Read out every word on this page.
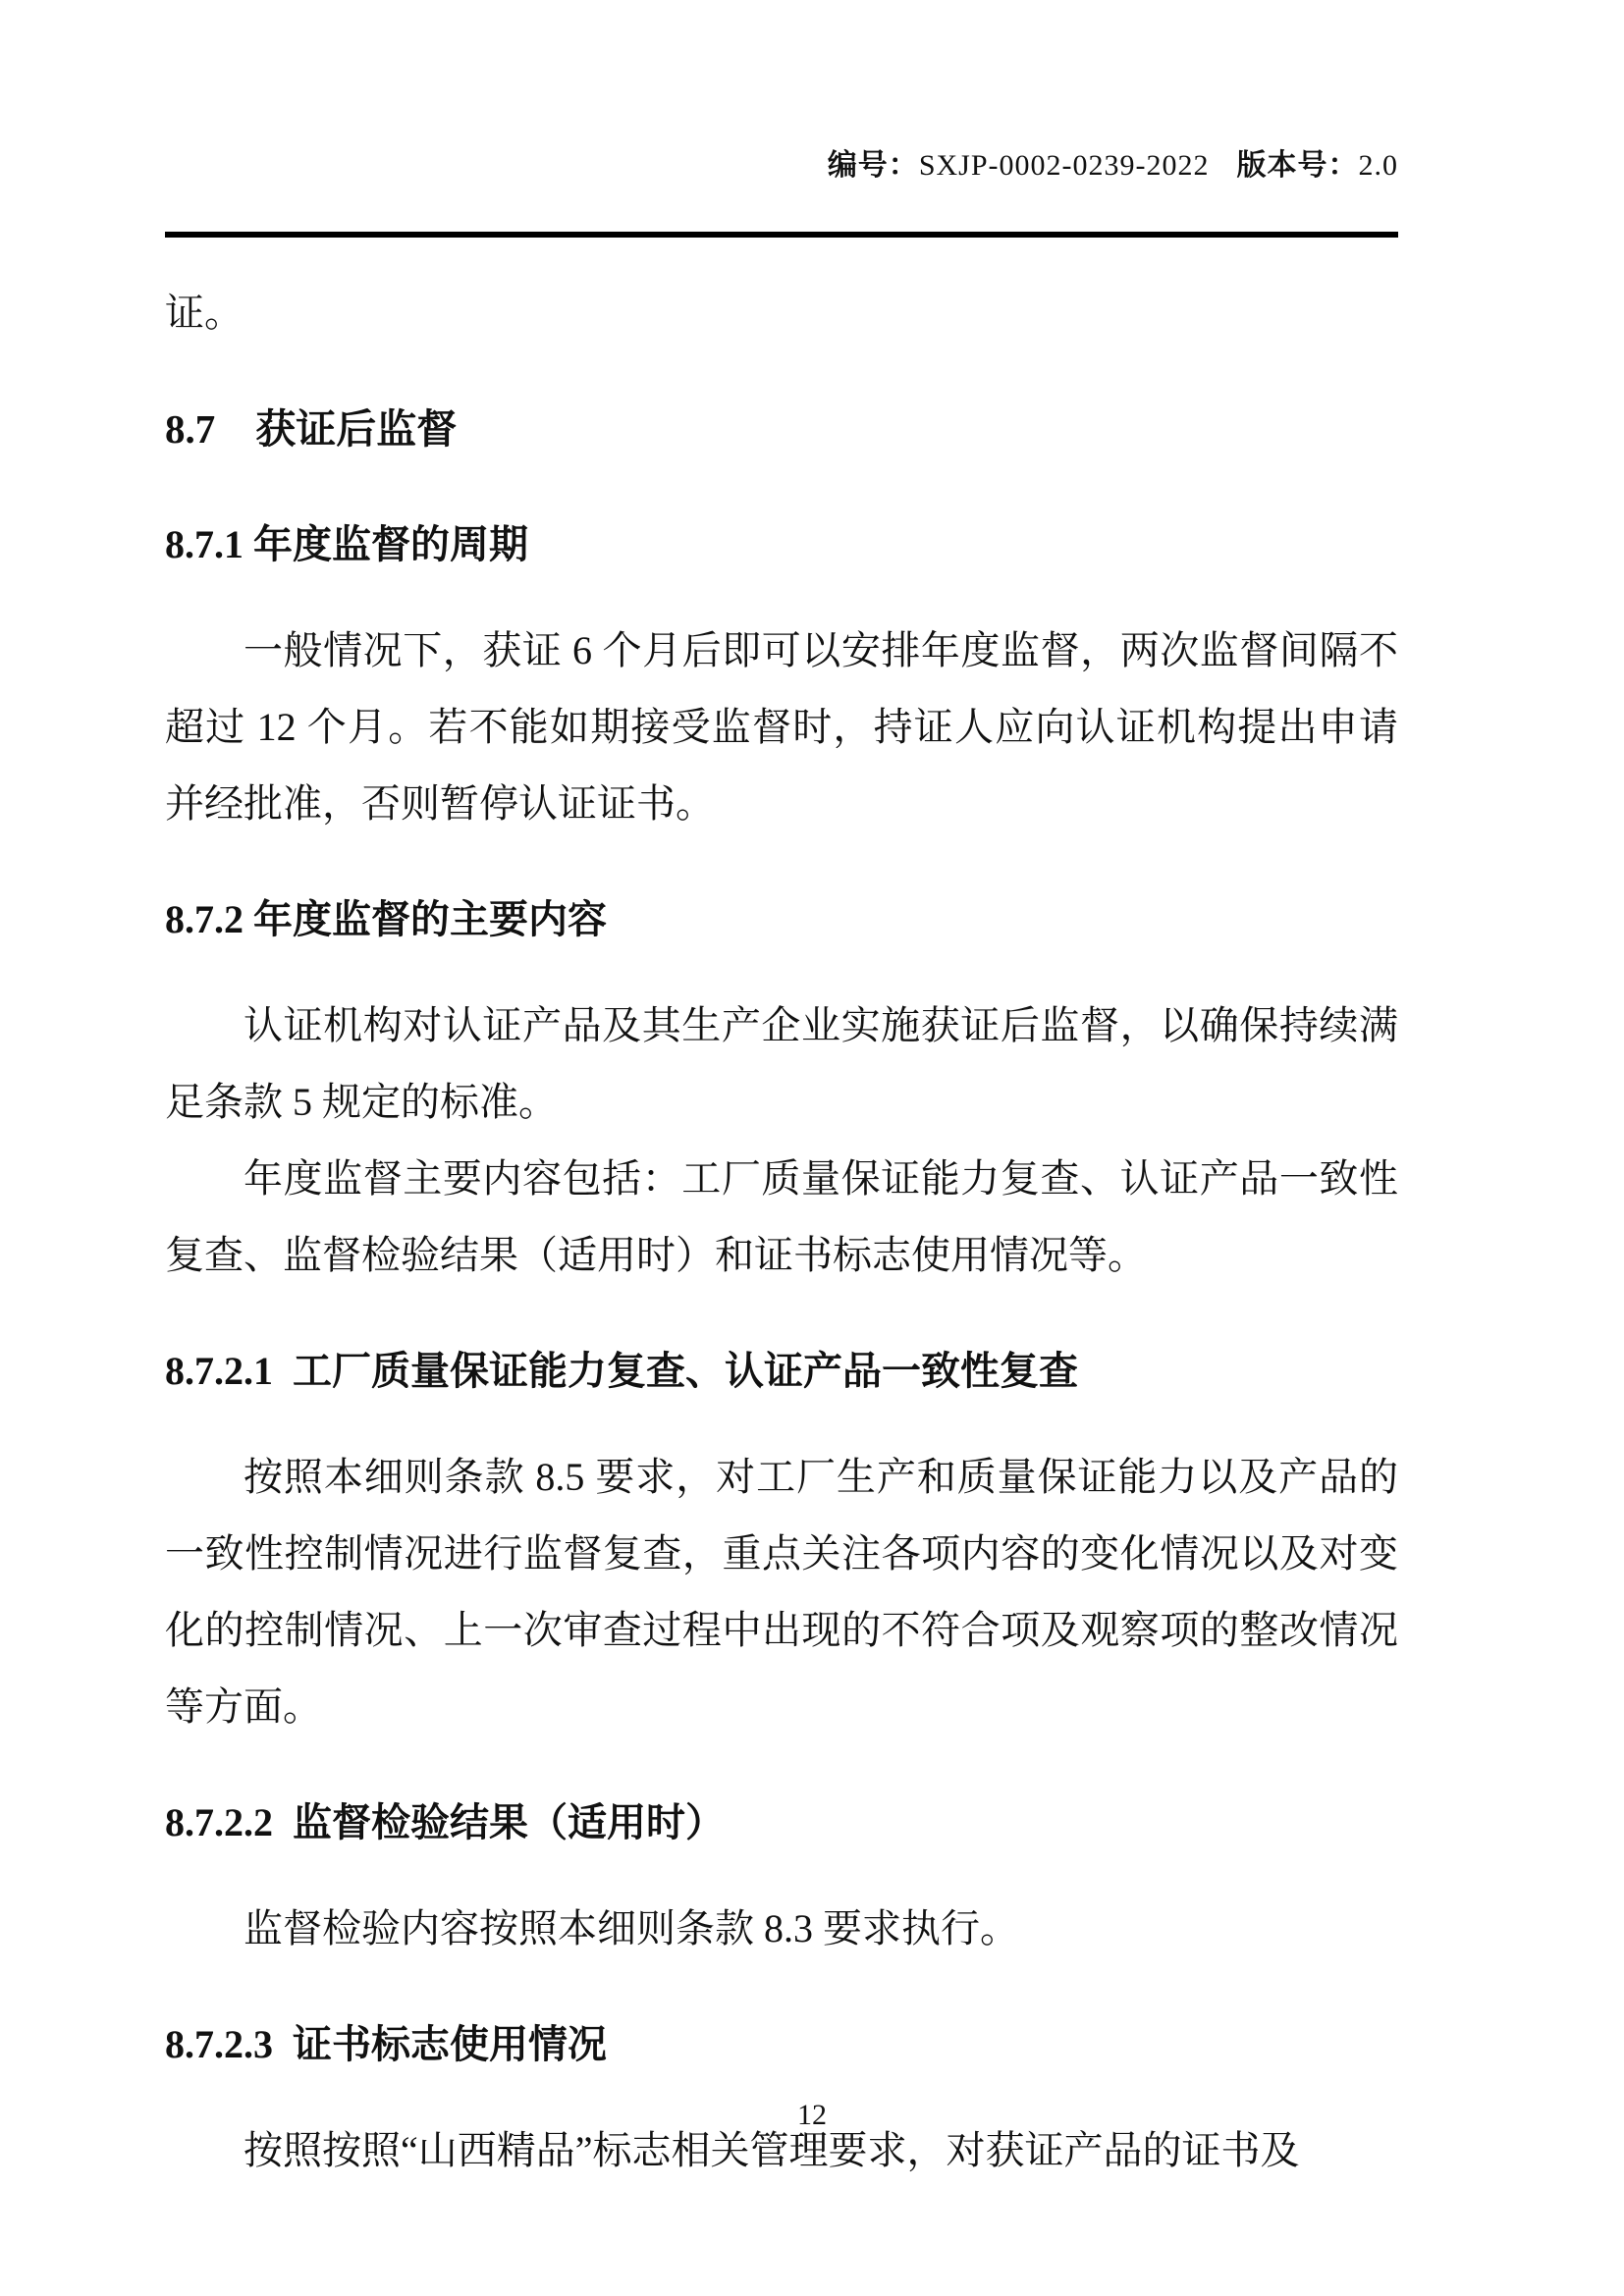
编号：SXJP-0002-0239-2022 版本号：2.0

证。

8.7　获证后监督
8.7.1 年度监督的周期

一般情况下，获证 6 个月后即可以安排年度监督，两次监督间隔不超过 12 个月。若不能如期接受监督时，持证人应向认证机构提出申请并经批准，否则暂停认证证书。

8.7.2 年度监督的主要内容

认证机构对认证产品及其生产企业实施获证后监督，以确保持续满足条款 5 规定的标准。

年度监督主要内容包括：工厂质量保证能力复查、认证产品一致性复查、监督检验结果（适用时）和证书标志使用情况等。

8.7.2.1  工厂质量保证能力复查、认证产品一致性复查

按照本细则条款 8.5 要求，对工厂生产和质量保证能力以及产品的一致性控制情况进行监督复查，重点关注各项内容的变化情况以及对变化的控制情况、上一次审查过程中出现的不符合项及观察项的整改情况等方面。

8.7.2.2  监督检验结果（适用时）

监督检验内容按照本细则条款 8.3 要求执行。

8.7.2.3  证书标志使用情况

按照按照“山西精品”标志相关管理要求，对获证产品的证书及

12
